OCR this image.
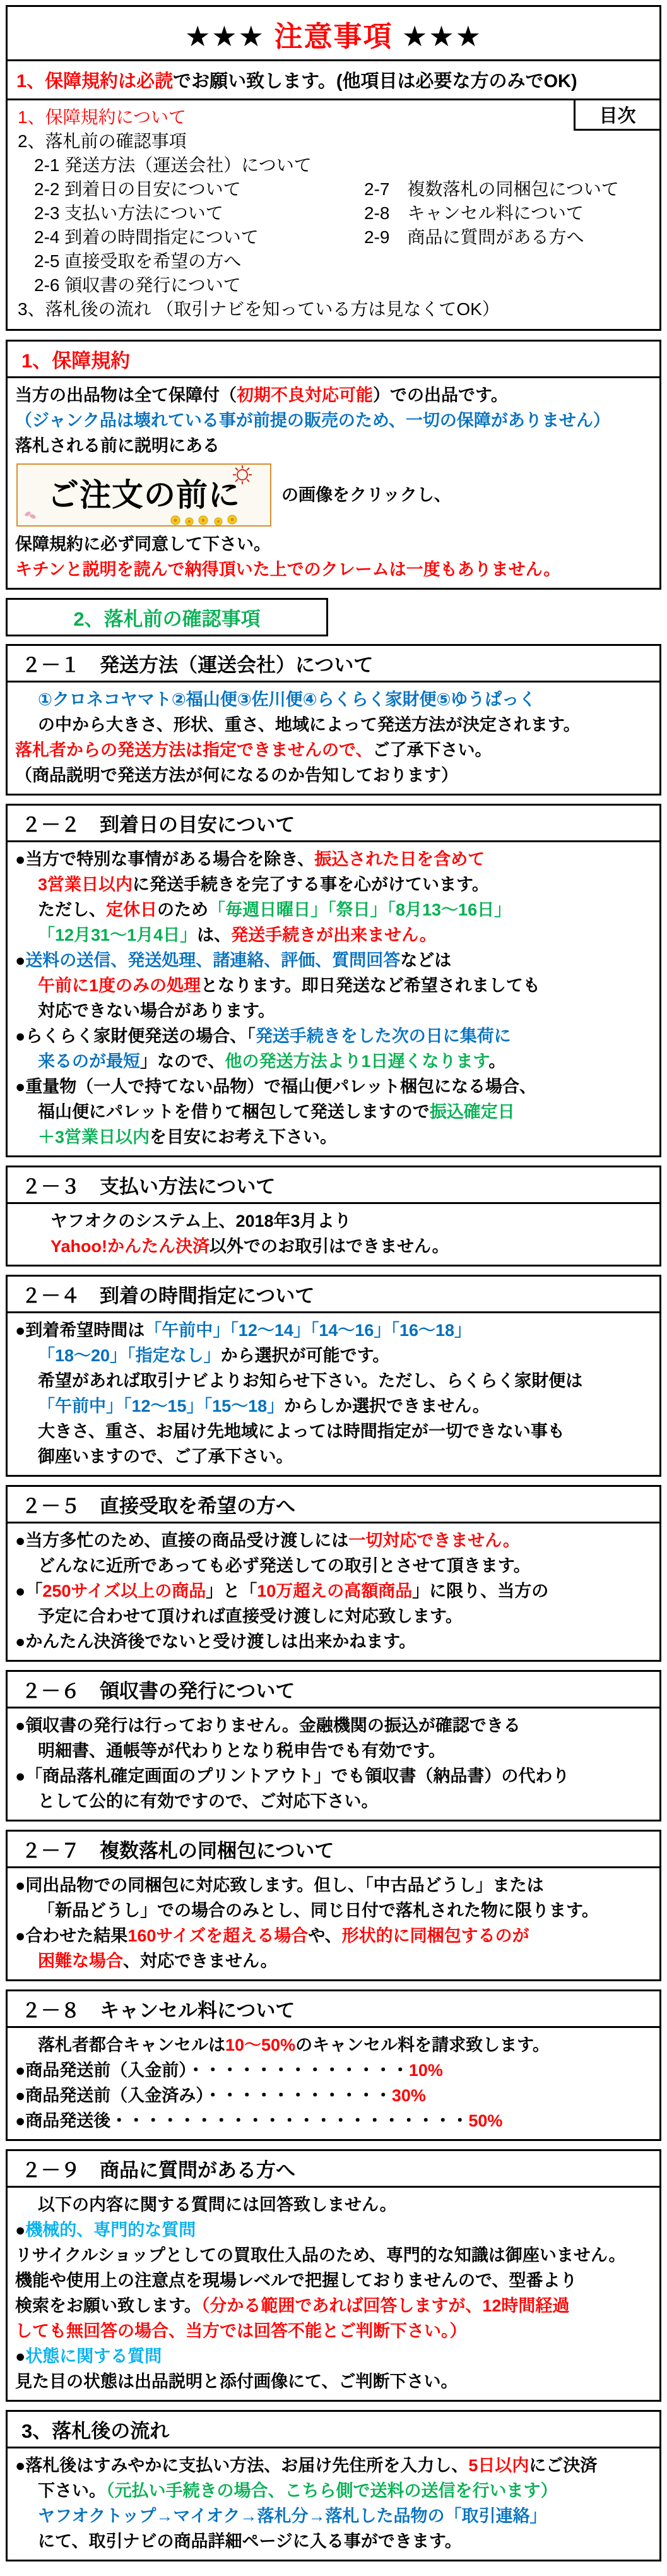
★★★ 注意事項 ★★★
1、保障規約は必読でお願い致します。(他項目は必要な方のみでOK)
目次
1、保障規約について
2、落札前の確認事項
2-1 発送方法（運送会社）について
2-2 到着日の目安について
2-3 支払い方法について
2-4 到着の時間指定について
2-5 直接受取を希望の方へ
2-6 領収書の発行について
3、落札後の流れ （取引ナビを知っている方は見なくてOK）
2-7　複数落札の同梱包について
2-8　キャンセル料について
2-9　商品に質問がある方へ
1、保障規約
当方の出品物は全て保障付（初期不良対応可能）での出品です。
（ジャンク品は壊れている事が前提の販売のため、一切の保障がありません）
落札される前に説明にある
ご注文の前に の画像をクリックし、
保障規約に必ず同意して下さい。
キチンと説明を読んで納得頂いた上でのクレームは一度もありません。
2、落札前の確認事項
２－１　発送方法（運送会社）について
①クロネコヤマト②福山便③佐川便④らくらく家財便⑤ゆうぱっく
の中から大きさ、形状、重さ、地域によって発送方法が決定されます。
落札者からの発送方法は指定できませんので、ご了承下さい。
（商品説明で発送方法が何になるのか告知しております）
２－２　到着日の目安について
●当方で特別な事情がある場合を除き、振込された日を含めて
3営業日以内に発送手続きを完了する事を心がけています。
ただし、定休日のため「毎週日曜日」「祭日」「8月13～16日」
「12月31～1月4日」は、発送手続きが出来ません。
●送料の送信、発送処理、諸連絡、評価、質問回答などは
午前に1度のみの処理となります。即日発送など希望されましても
対応できない場合があります。
●らくらく家財便発送の場合、「発送手続きをした次の日に集荷に
来るのが最短」なので、他の発送方法より1日遅くなります。
●重量物（一人で持てない品物）で福山便パレット梱包になる場合、
福山便にパレットを借りて梱包して発送しますので振込確定日
＋3営業日以内を目安にお考え下さい。
２－３　支払い方法について
ヤフオクのシステム上、2018年3月より
Yahoo!かんたん決済以外でのお取引はできません。
２－４　到着の時間指定について
●到着希望時間は「午前中」「12～14」「14～16」「16～18」
「18～20」「指定なし」から選択が可能です。
希望があれば取引ナビよりお知らせ下さい。ただし、らくらく家財便は
「午前中」「12～15」「15～18」からしか選択できません。
大きさ、重さ、お届け先地域によっては時間指定が一切できない事も
御座いますので、ご了承下さい。
２－５　直接受取を希望の方へ
●当方多忙のため、直接の商品受け渡しには一切対応できません。
どんなに近所であっても必ず発送しての取引とさせて頂きます。
●「250サイズ以上の商品」と「10万超えの高額商品」に限り、当方の
予定に合わせて頂ければ直接受け渡しに対応致します。
●かんたん決済後でないと受け渡しは出来かねます。
２－６　領収書の発行について
●領収書の発行は行っておりません。金融機関の振込が確認できる
明細書、通帳等が代わりとなり税申告でも有効です。
●「商品落札確定画面のプリントアウト」でも領収書（納品書）の代わり
として公的に有効ですので、ご対応下さい。
２－７　複数落札の同梱包について
●同出品物での同梱包に対応致します。但し、「中古品どうし」または
「新品どうし」での場合のみとし、同じ日付で落札された物に限ります。
●合わせた結果160サイズを超える場合や、形状的に同梱包するのが
困難な場合、対応できません。
２－８　キャンセル料について
落札者都合キャンセルは10～50%のキャンセル料を請求致します。
●商品発送前（入金前）・・・・・・・・・・・・・10%
●商品発送前（入金済み）・・・・・・・・・・・30%
●商品発送後・・・・・・・・・・・・・・・・・・・・・50%
２－９　商品に質問がある方へ
以下の内容に関する質問には回答致しません。
●機械的、専門的な質問
リサイクルショップとしての買取仕入品のため、専門的な知識は御座いません。
機能や使用上の注意点を現場レベルで把握しておりませんので、型番より
検索をお願い致します。（分かる範囲であれば回答しますが、12時間経過
しても無回答の場合、当方では回答不能とご判断下さい。）
●状態に関する質問
見た目の状態は出品説明と添付画像にて、ご判断下さい。
3、落札後の流れ
●落札後はすみやかに支払い方法、お届け先住所を入力し、5日以内にご決済
下さい。（元払い手続きの場合、こちら側で送料の送信を行います）
ヤフオクトップ→マイオク→落札分→落札した品物の「取引連絡」
にて、取引ナビの商品詳細ページに入る事ができます。
